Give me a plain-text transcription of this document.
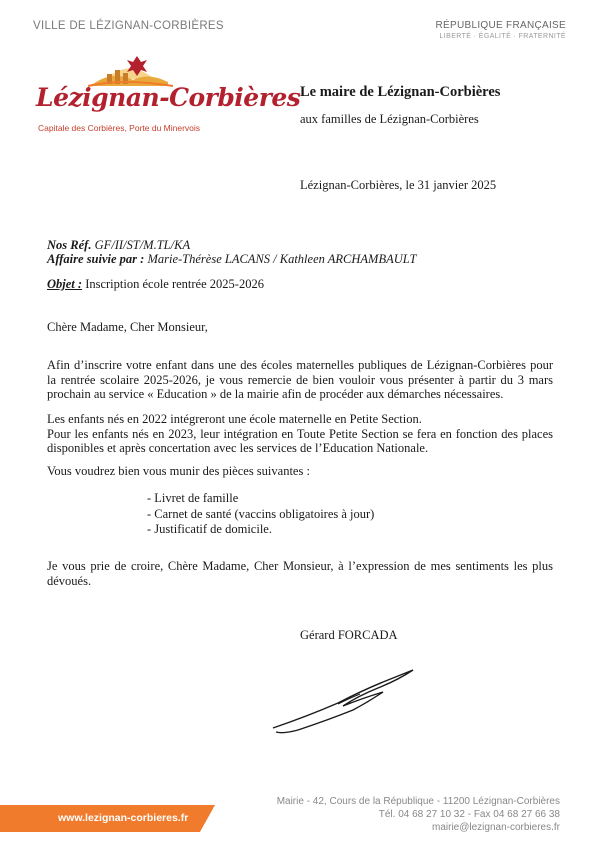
VILLE DE LÉZIGNAN-CORBIÈRES	RÉPUBLIQUE FRANÇAISE
LIBERTÉ · ÉGALITÉ · FRATERNITÉ
Lézignan-Corbières
Capitale des Corbières, Porte du Minervois
Le maire de Lézignan-Corbières
aux familles de Lézignan-Corbières
Lézignan-Corbières, le 31 janvier 2025
Nos Réf. GF/II/ST/M.TL/KA
Affaire suivie par : Marie-Thérèse LACANS / Kathleen ARCHAMBAULT
Objet : Inscription école rentrée 2025-2026
Chère Madame, Cher Monsieur,
Afin d’inscrire votre enfant dans une des écoles maternelles publiques de Lézignan-Corbières pour la rentrée scolaire 2025-2026, je vous remercie de bien vouloir vous présenter à partir du 3 mars prochain au service « Education » de la mairie afin de procéder aux démarches nécessaires.
Les enfants nés en 2022 intégreront une école maternelle en Petite Section.
Pour les enfants nés en 2023, leur intégration en Toute Petite Section se fera en fonction des places disponibles et après concertation avec les services de l’Education Nationale.
Vous voudrez bien vous munir des pièces suivantes :
- Livret de famille
- Carnet de santé (vaccins obligatoires à jour)
- Justificatif de domicile.
Je vous prie de croire, Chère Madame, Cher Monsieur, à l’expression de mes sentiments les plus dévoués.
Gérard FORCADA
www.lezignan-corbieres.fr
Mairie - 42, Cours de la République - 11200 Lézignan-Corbières
Tél. 04 68 27 10 32 - Fax 04 68 27 66 38
mairie@lezignan-corbieres.fr
